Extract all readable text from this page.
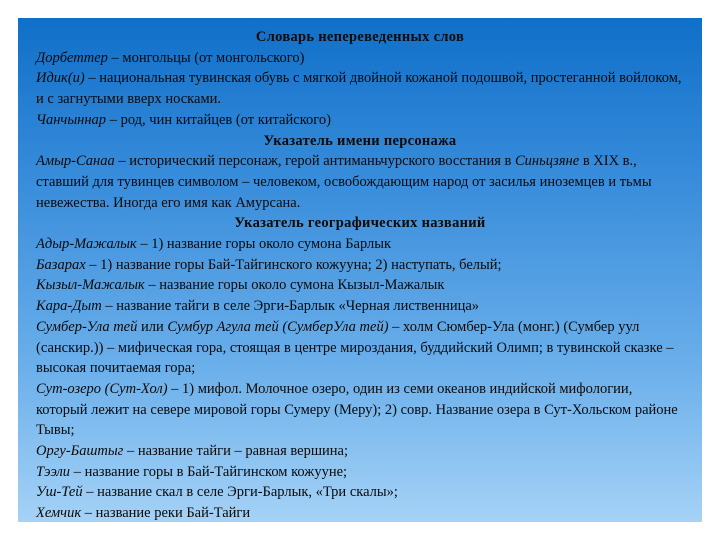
Словарь непереведенных слов

Дорбеттер – монгольцы (от монгольского)

Идик(и) – национальная тувинская обувь с мягкой двойной кожаной подошвой, простеганной войлоком, и с загнутыми вверх носками.

Чанчыннар – род, чин китайцев (от китайского)

Указатель имени персонажа

Амыр-Санаа – исторический персонаж, герой антиманьчурского восстания в Синьцзяне в XIX в., ставший для тувинцев символом – человеком, освобождающим народ от засилья иноземцев и тьмы невежества. Иногда его имя как Амурсана.

Указатель географических названий

Адыр-Мажалык – 1) название горы около сумона Барлык

Базарах – 1) название горы Бай-Тайгинского кожууна; 2) наступать, белый;

Кызыл-Мажалык – название горы около сумона Кызыл-Мажалык

Кара-Дыт – название тайги в селе Эрги-Барлык «Черная лиственница»

Сумбер-Ула тей или Сумбур Агула тей (СумберУла тей) – холм Сюмбер-Ула (монг.) (Сумбер уул (санскир.)) – мифическая гора, стоящая в центре мироздания, буддийский Олимп; в тувинской сказке – высокая почитаемая гора;

Сут-озеро (Сут-Хол) – 1) мифол. Молочное озеро, один из семи океанов индийской мифологии, который лежит на севере мировой горы Сумеру (Меру); 2) совр. Название озера в Сут-Хольском районе Тывы;

Оргу-Баштыг – название тайги – равная вершина;

Тээли – название горы в Бай-Тайгинском кожууне;

Уш-Тей – название скал в селе Эрги-Барлык, «Три скалы»;

Хемчик – название реки Бай-Тайги
